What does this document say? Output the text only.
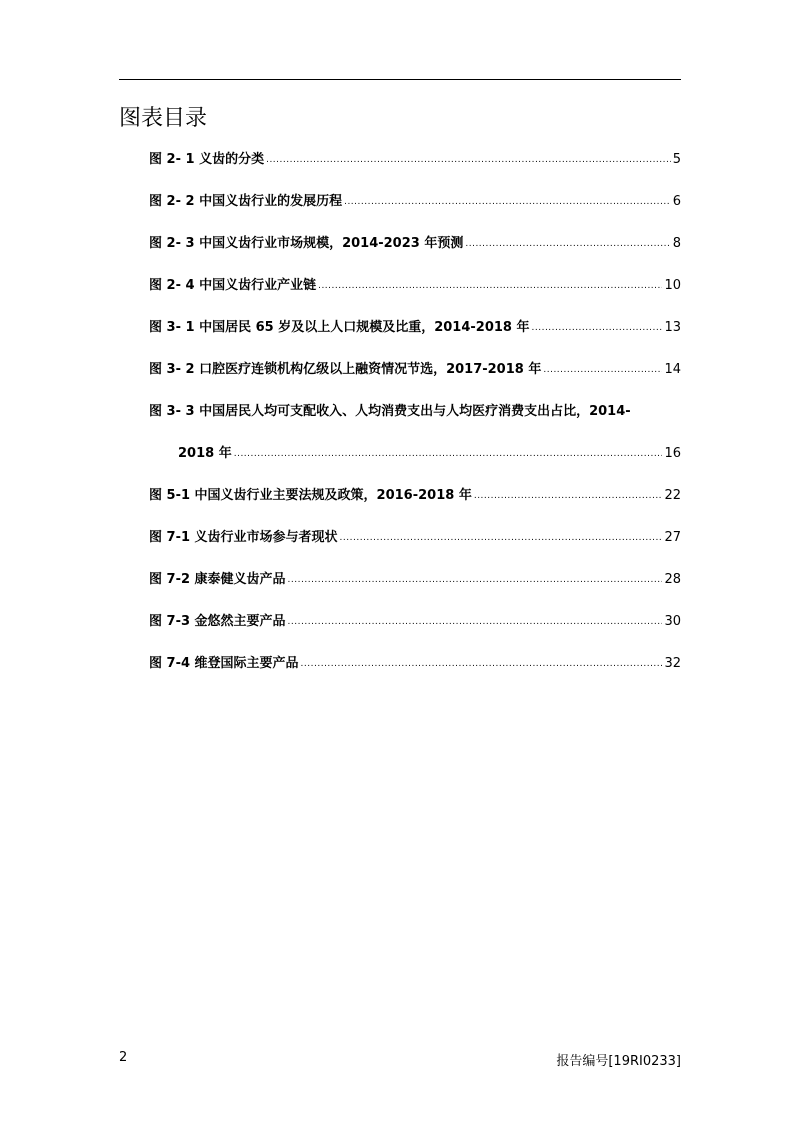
图表目录
图 2- 1 义齿的分类 .....	5
图 2- 2 中国义齿行业的发展历程 .....	6
图 2- 3 中国义齿行业市场规模，2014-2023 年预测 .....	8
图 2- 4 中国义齿行业产业链 .....	10
图 3- 1 中国居民 65 岁及以上人口规模及比重，2014-2018 年 .....	13
图 3- 2 口腔医疗连锁机构亿级以上融资情况节选，2017-2018 年 .....	14
图 3- 3 中国居民人均可支配收入、人均消费支出与人均医疗消费支出占比，2014-
2018 年 .....	16
图 5-1 中国义齿行业主要法规及政策，2016-2018 年 .....	22
图 7-1 义齿行业市场参与者现状 .....	27
图 7-2 康泰健义齿产品 .....	28
图 7-3 金悠然主要产品 .....	30
图 7-4 维登国际主要产品 .....	32
2	报告编号[19RI0233]
